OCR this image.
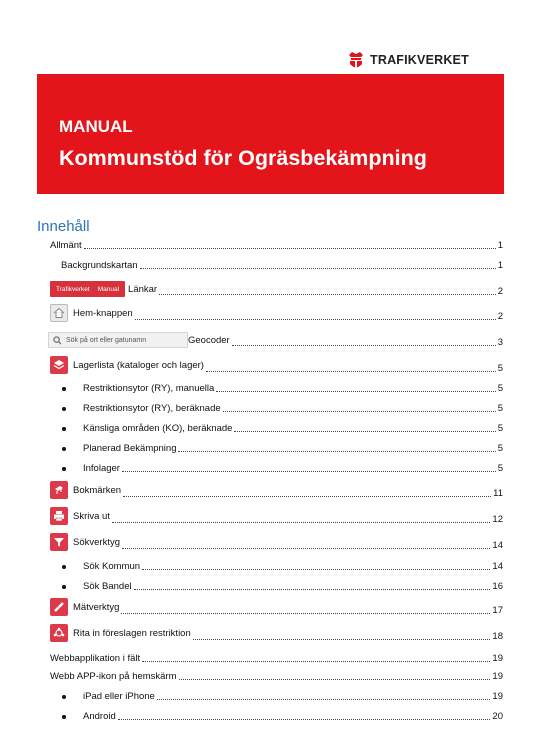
TRAFIKVERKET
MANUAL
Kommunstöd för Ogräsbekämpning
Innehåll
Allmänt	1
Backgrundskartan	1
Trafikverket Manual Länkar	2
Hem-knappen	2
Sök på ort eller gatunamn	Geocoder	3
Lagerlista (kataloger och lager)	5
Restriktionsytor (RY), manuella	5
Restriktionsytor (RY), beräknade	5
Känsliga områden (KO), beräknade	5
Planerad Bekämpning	5
Infolager	5
Bokmärken	11
Skriva ut	12
Sökverktyg	14
Sök Kommun	14
Sök Bandel	16
Mätverktyg	17
Rita in föreslagen restriktion	18
Webbapplikation i fält	19
Webb APP-ikon på hemskärm	19
iPad eller iPhone	19
Android	20
